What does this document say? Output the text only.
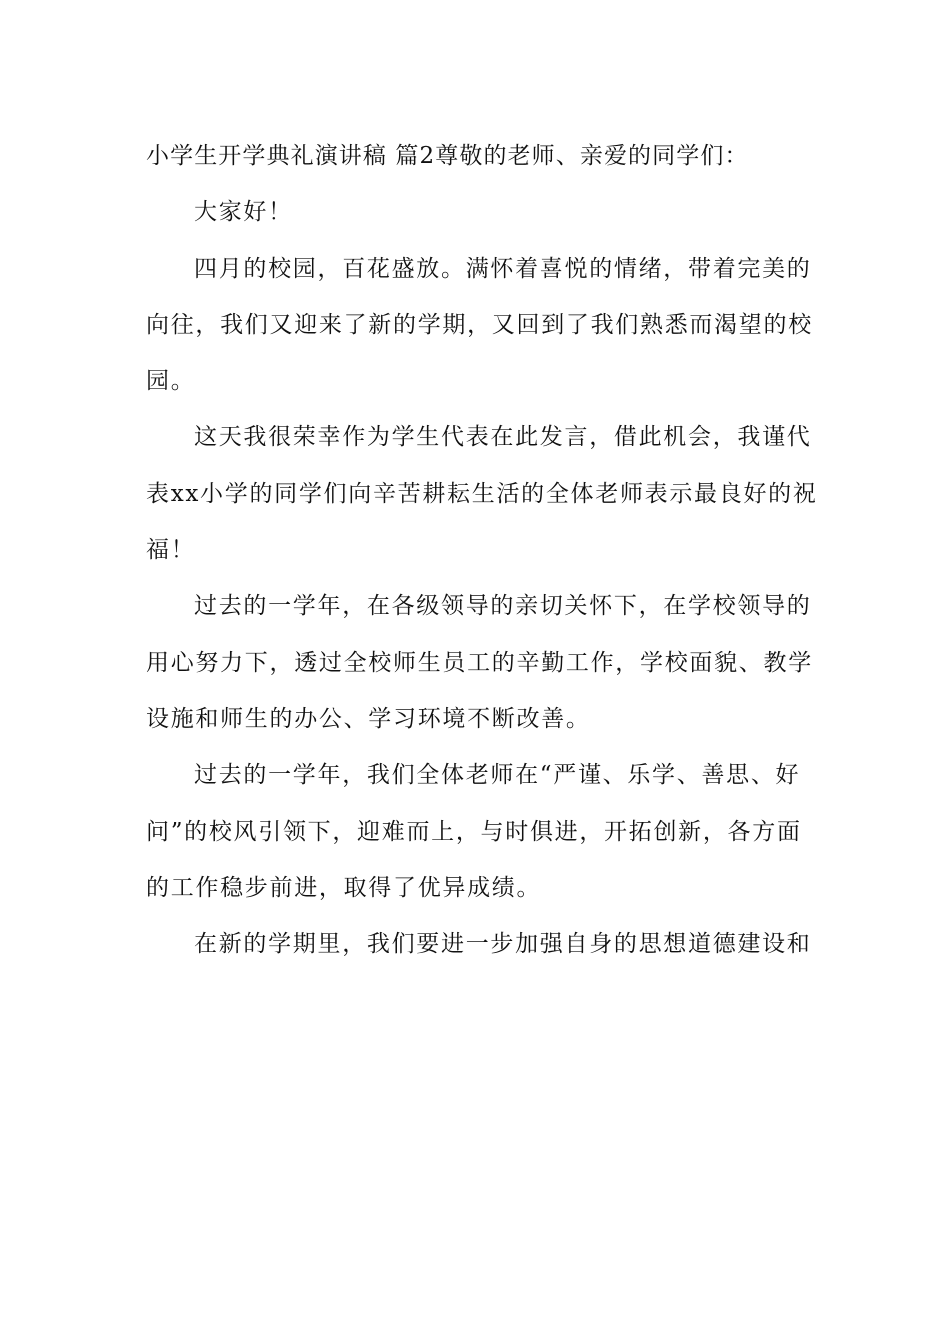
小学生开学典礼演讲稿 篇2尊敬的老师、亲爱的同学们：

大家好！

四月的校园，百花盛放。满怀着喜悦的情绪，带着完美的
向往，我们又迎来了新的学期，又回到了我们熟悉而渴望的校
园。

这天我很荣幸作为学生代表在此发言，借此机会，我谨代
表xx小学的同学们向辛苦耕耘生活的全体老师表示最良好的祝
福！

过去的一学年，在各级领导的亲切关怀下，在学校领导的
用心努力下，透过全校师生员工的辛勤工作，学校面貌、教学
设施和师生的办公、学习环境不断改善。

过去的一学年，我们全体老师在“严谨、乐学、善思、好
问”的校风引领下，迎难而上，与时俱进，开拓创新，各方面
的工作稳步前进，取得了优异成绩。

在新的学期里，我们要进一步加强自身的思想道德建设和
